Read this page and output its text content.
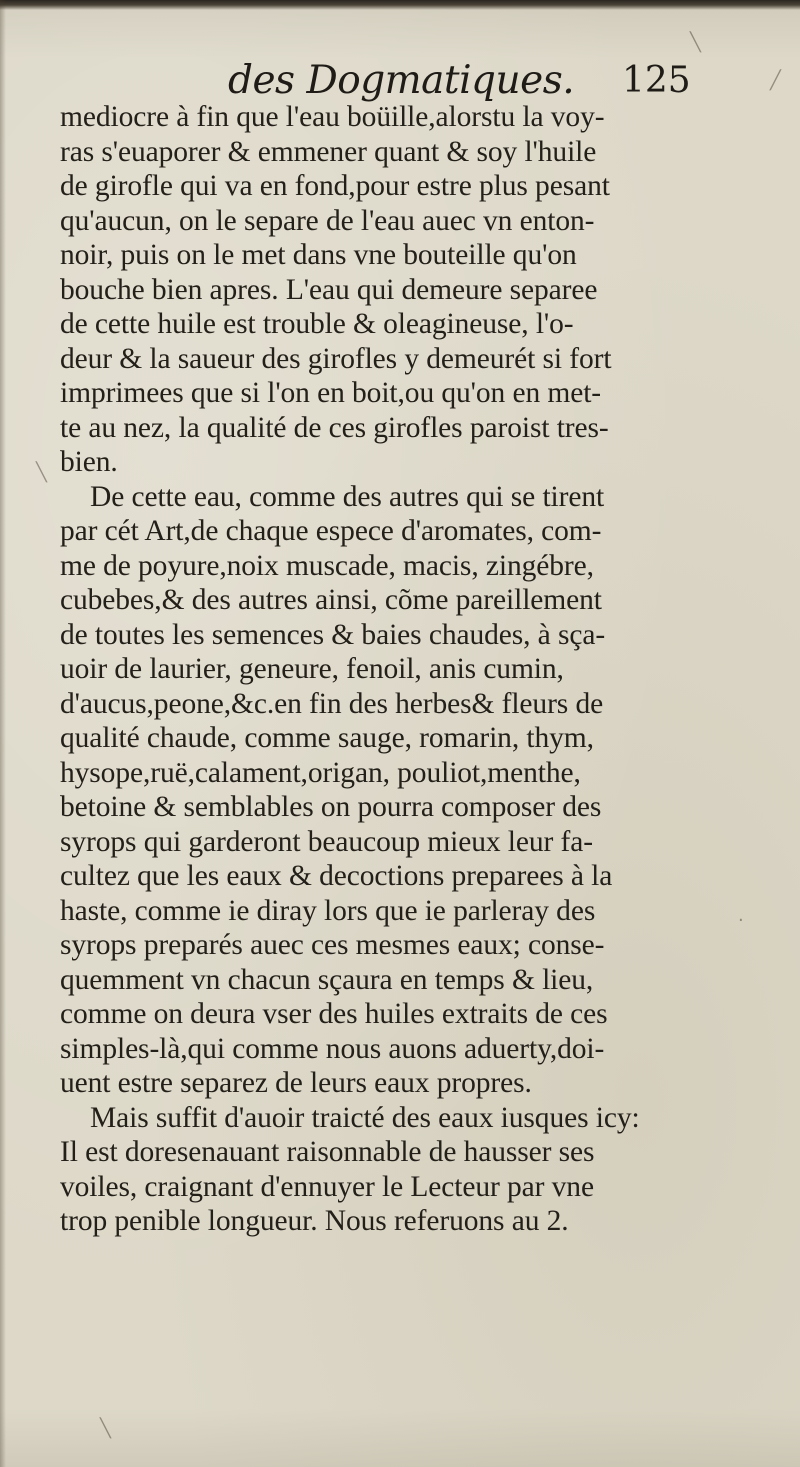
des Dogmatiques. 125
mediocre à fin que l'eau boüille,alorstu la voy-
ras s'euaporer & emmener quant & soy l'huile
de girofle qui va en fond,pour estre plus pesant
qu'aucun, on le separe de l'eau auec vn enton-
noir, puis on le met dans vne bouteille qu'on
bouche bien apres. L'eau qui demeure separee
de cette huile est trouble & oleagineuse, l'o-
deur & la saueur des girofles y demeurét si fort
imprimees que si l'on en boit,ou qu'on en met-
te au nez, la qualité de ces girofles paroist tres-
bien.
De cette eau, comme des autres qui se tirent
par cét Art,de chaque espece d'aromates, com-
me de poyure,noix muscade, macis, zingébre,
cubebes,& des autres ainsi, cõme pareillement
de toutes les semences & baies chaudes, à sça-
uoir de laurier, geneure, fenoil, anis cumin,
d'aucus,peone,&c.en fin des herbes& fleurs de
qualité chaude, comme sauge, romarin, thym,
hysope,ruë,calament,origan, pouliot,menthe,
betoine & semblables on pourra composer des
syrops qui garderont beaucoup mieux leur fa-
cultez que les eaux & decoctions preparees à la
haste, comme ie diray lors que ie parleray des
syrops preparés auec ces mesmes eaux; conse-
quemment vn chacun sçaura en temps & lieu,
comme on deura vser des huiles extraits de ces
simples-là,qui comme nous auons aduerty,doi-
uent estre separez de leurs eaux propres.
Mais suffit d'auoir traicté des eaux iusques icy:
Il est doresenauant raisonnable de hausser ses
voiles, craignant d'ennuyer le Lecteur par vne
trop penible longueur. Nous referuons au 2.
╲
╱
╲
·
╲
